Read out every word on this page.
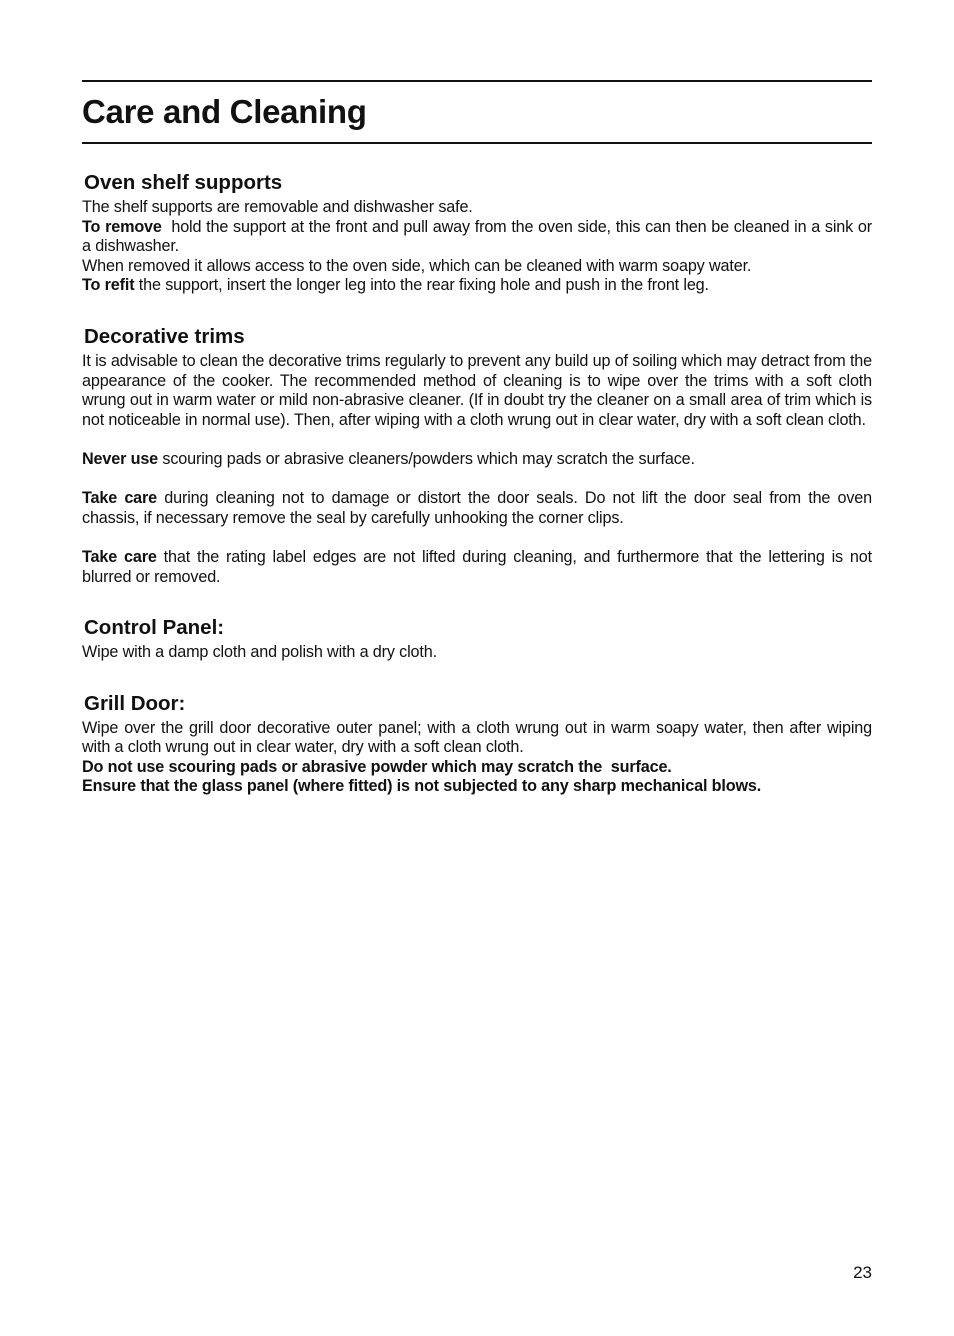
Care and Cleaning
Oven shelf supports

The shelf supports are removable and dishwasher safe.

To remove  hold the support at the front and pull away from the oven side, this can then be cleaned in a sink or a dishwasher.

When removed it allows access to the oven side, which can be cleaned with warm soapy water.

To refit the support, insert the longer leg into the rear fixing hole and push in the front leg.

Decorative trims

It is advisable to clean the decorative trims regularly to prevent any build up of soiling which may detract from the appearance of the cooker. The recommended method of cleaning is to wipe over the trims with a soft cloth wrung out in warm water or mild non-abrasive cleaner. (If in doubt try the cleaner on a small area of trim which is not noticeable in normal use). Then, after wiping with a cloth wrung out in clear water, dry with a soft clean cloth.

Never use scouring pads or abrasive cleaners/powders which may scratch the surface.

Take care during cleaning not to damage or distort the door seals. Do not lift the door seal from the oven chassis, if necessary remove the seal by carefully unhooking the corner clips.

Take care that the rating label edges are not lifted during cleaning, and furthermore that the lettering is not blurred or removed.

Control Panel:

Wipe with a damp cloth and polish with a dry cloth.

Grill Door:

Wipe over the grill door decorative outer panel; with a cloth wrung out in warm soapy water, then after wiping with a cloth wrung out in clear water, dry with a soft clean cloth.

Do not use scouring pads or abrasive powder which may scratch the  surface.

Ensure that the glass panel (where fitted) is not subjected to any sharp mechanical blows.

23
